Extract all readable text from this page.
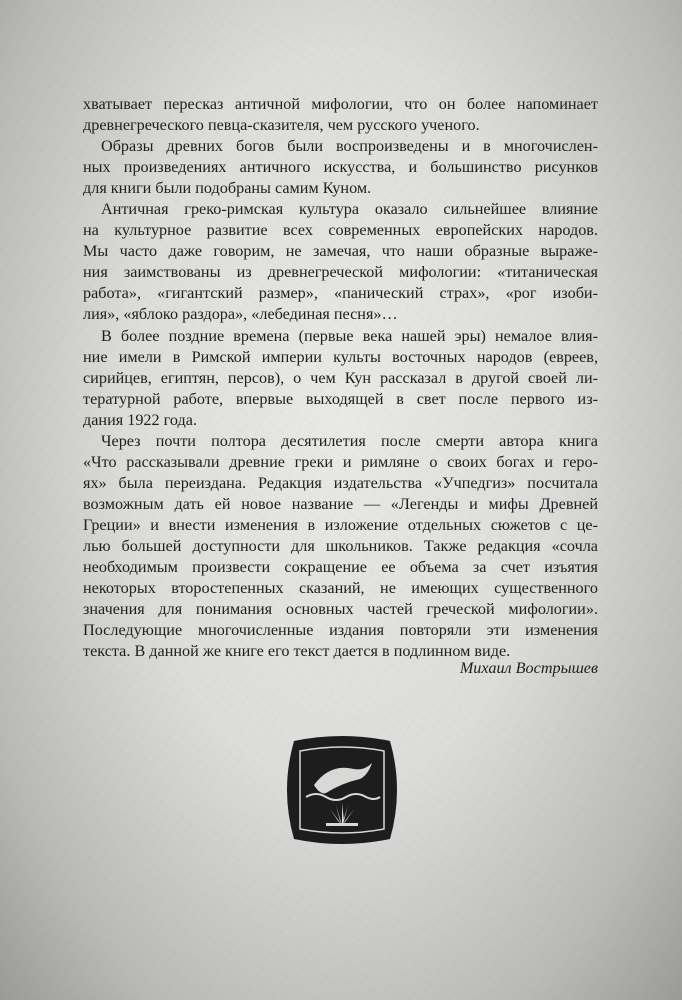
хватывает пересказ античной мифологии, что он более напоминает
древнегреческого певца-сказителя, чем русского ученого.
Образы древних богов были воспроизведены и в многочислен-
ных произведениях античного искусства, и большинство рисунков
для книги были подобраны самим Куном.
Античная греко-римская культура оказало сильнейшее влияние
на культурное развитие всех современных европейских народов.
Мы часто даже говорим, не замечая, что наши образные выраже-
ния заимствованы из древнегреческой мифологии: «титаническая
работа», «гигантский размер», «панический страх», «рог изоби-
лия», «яблоко раздора», «лебединая песня»…
В более поздние времена (первые века нашей эры) немалое влия-
ние имели в Римской империи культы восточных народов (евреев,
сирийцев, египтян, персов), о чем Кун рассказал в другой своей ли-
тературной работе, впервые выходящей в свет после первого из-
дания 1922 года.
Через почти полтора десятилетия после смерти автора книга
«Что рассказывали древние греки и римляне о своих богах и геро-
ях» была переиздана. Редакция издательства «Учпедгиз» посчитала
возможным дать ей новое название — «Легенды и мифы Древней
Греции» и внести изменения в изложение отдельных сюжетов с це-
лью большей доступности для школьников. Также редакция «сочла
необходимым произвести сокращение ее объема за счет изъятия
некоторых второстепенных сказаний, не имеющих существенного
значения для понимания основных частей греческой мифологии».
Последующие многочисленные издания повторяли эти изменения
текста. В данной же книге его текст дается в подлинном виде.
Михаил Вострышев
